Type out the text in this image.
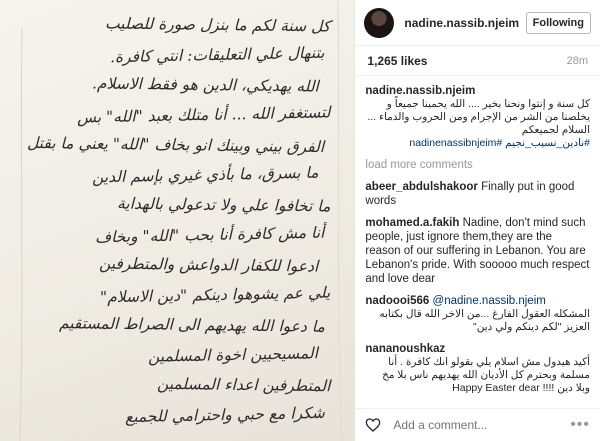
كل سنة لكم ما بنزل صورة للصليب
بتنهال علي التعليقات: انتي كافرة.
الله يهديكي، الدين هو فقط الاسلام.
لتستغفر الله ... أنا متلك بعبد "الله" بس
الفرق بيني وبينك انو بخاف "الله" يعني ما بقتل
ما بسرق، ما بأذي غيري بإسم الدين
ما تخافوا علي ولا تدعولي بالهداية
أنا مش كافرة أنا بحب "الله" وبخاف
ادعوا للكفار الدواعش والمتطرفين
يلي عم يشوهوا دينكم "دين الاسلام"
ما دعوا الله يهديهم الى الصراط المستقيم
المسيحيين اخوة المسلمين
المتطرفين اعداء المسلمين
شكرا مع حبي واحترامي للجميع
nadine.nassib.njeim	Following
1,265 likes	28m
nadine.nassib.njeim
كل سنة و إنتوا ونحنا بخير .... الله يحمينا جميعاً و يخلصنا من الشر من الإجرام ومن الحروب والدماء ... السلام لجميعكم
#نادين_نسيب_نجيم #nadinenassibnjeim
load more comments
abeer_abdulshakoor Finally put in good words
mohamed.a.fakih Nadine, don't mind such people, just ignore them,they are the reason of our suffering in Lebanon. You are Lebanon's pride. With sooooo much respect and love dear
nadoooi566 @nadine.nassib.njeim
المشكله العقول الفارغ ...من الاخر الله قال بكتابه العزيز "لكم دينكم ولي دين"
nananoushkaz
أكيد هيدول مش اسلام يلي بقولو انك كافرة . أنا مسلمة وبحترم كل الأديان الله يهديهم ناس بلا مخ وبلا دين !!!! Happy Easter dear
Add a comment...
•••
